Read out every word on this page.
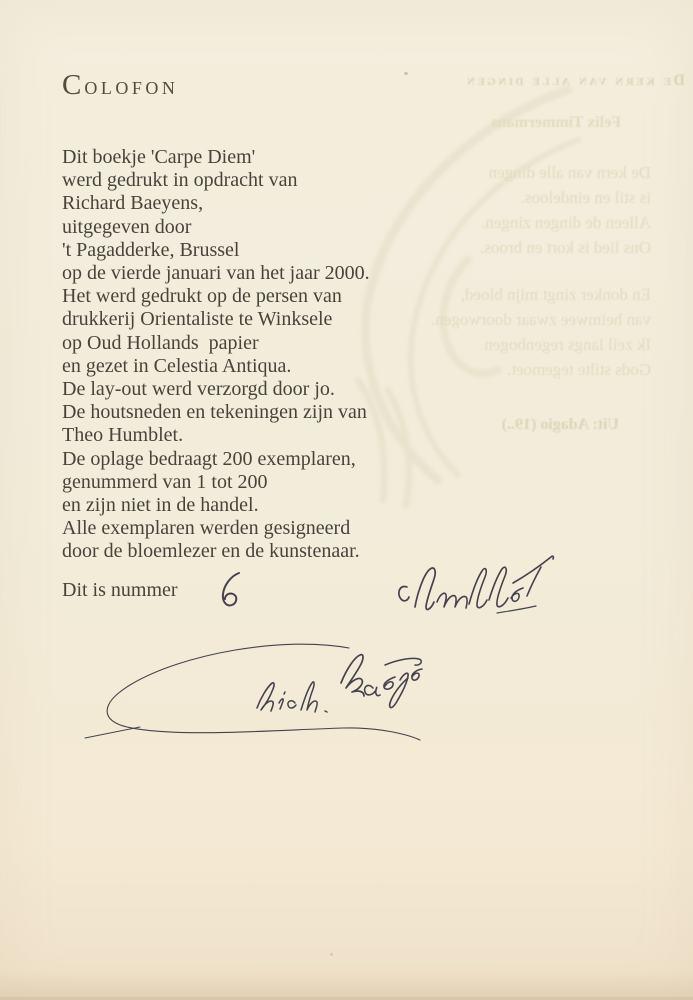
De kern van alle dingen
Felix Timmermans
De kern van alle dingen
is stil en eindeloos.
Alleen de dingen zingen.
Ons lied is kort en broos.
En donker zingt mijn bloed,
van heimwee zwaar doorwogen.
Ik zeil langs regenbogen
Gods stilte tegemoet.
Uit: Adagio (19..)
COLOFON
Dit boekje 'Carpe Diem'
werd gedrukt in opdracht van
Richard Baeyens,
uitgegeven door
't Pagadderke, Brussel
op de vierde januari van het jaar 2000.
Het werd gedrukt op de persen van
drukkerij Orientaliste te Winksele
op Oud Hollands  papier
en gezet in Celestia Antiqua.
De lay-out werd verzorgd door jo.
De houtsneden en tekeningen zijn van
Theo Humblet.
De oplage bedraagt 200 exemplaren,
genummerd van 1 tot 200
en zijn niet in de handel.
Alle exemplaren werden gesigneerd
door de bloemlezer en de kunstenaar.
Dit is nummer
